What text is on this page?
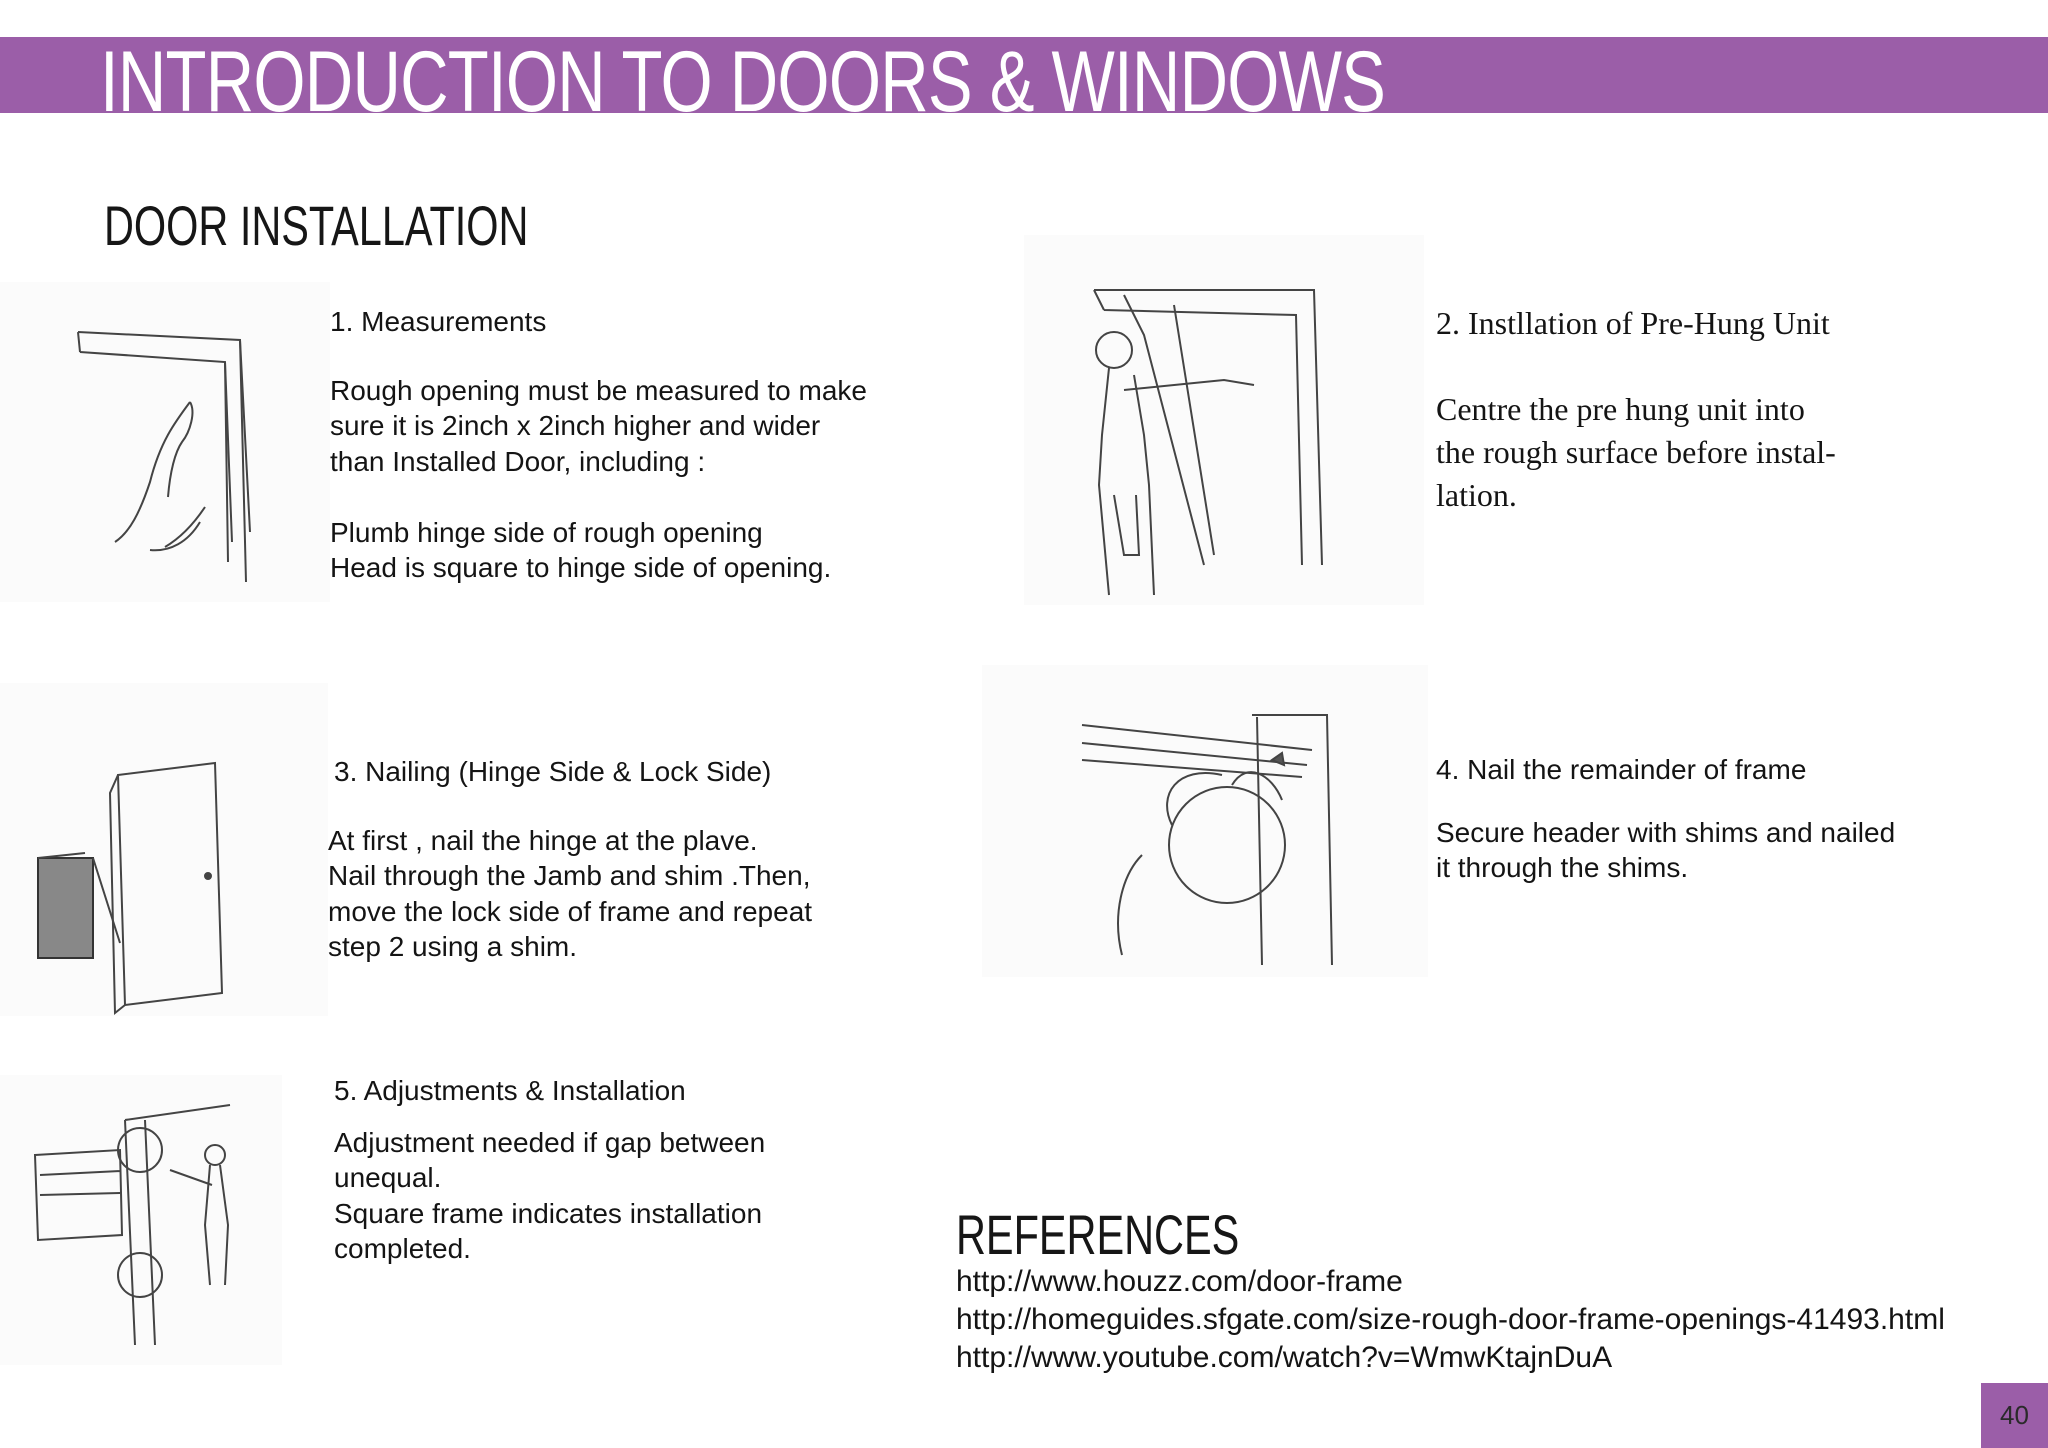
INTRODUCTION TO DOORS & WINDOWS
DOOR INSTALLATION
1. Measurements

Rough opening must be measured to make
sure it is 2inch x 2inch higher and wider
than Installed Door, including :

Plumb hinge side of rough opening
Head is square to hinge side of opening.

2. Instllation of Pre-Hung Unit

Centre the pre hung unit into
the rough surface before instal-
lation.

3. Nailing (Hinge Side & Lock Side)

At first , nail the hinge at the plave.
Nail through the Jamb and shim .Then,
move the lock side of frame and repeat
step 2 using a shim.

4. Nail the remainder of frame

Secure header with shims and nailed
it through the shims.

5. Adjustments & Installation

Adjustment needed if gap between
unequal.
Square frame indicates installation
completed.	REFERENCES
http://www.houzz.com/door-frame
http://homeguides.sfgate.com/size-rough-door-frame-openings-41493.html
http://www.youtube.com/watch?v=WmwKtajnDuA
40
